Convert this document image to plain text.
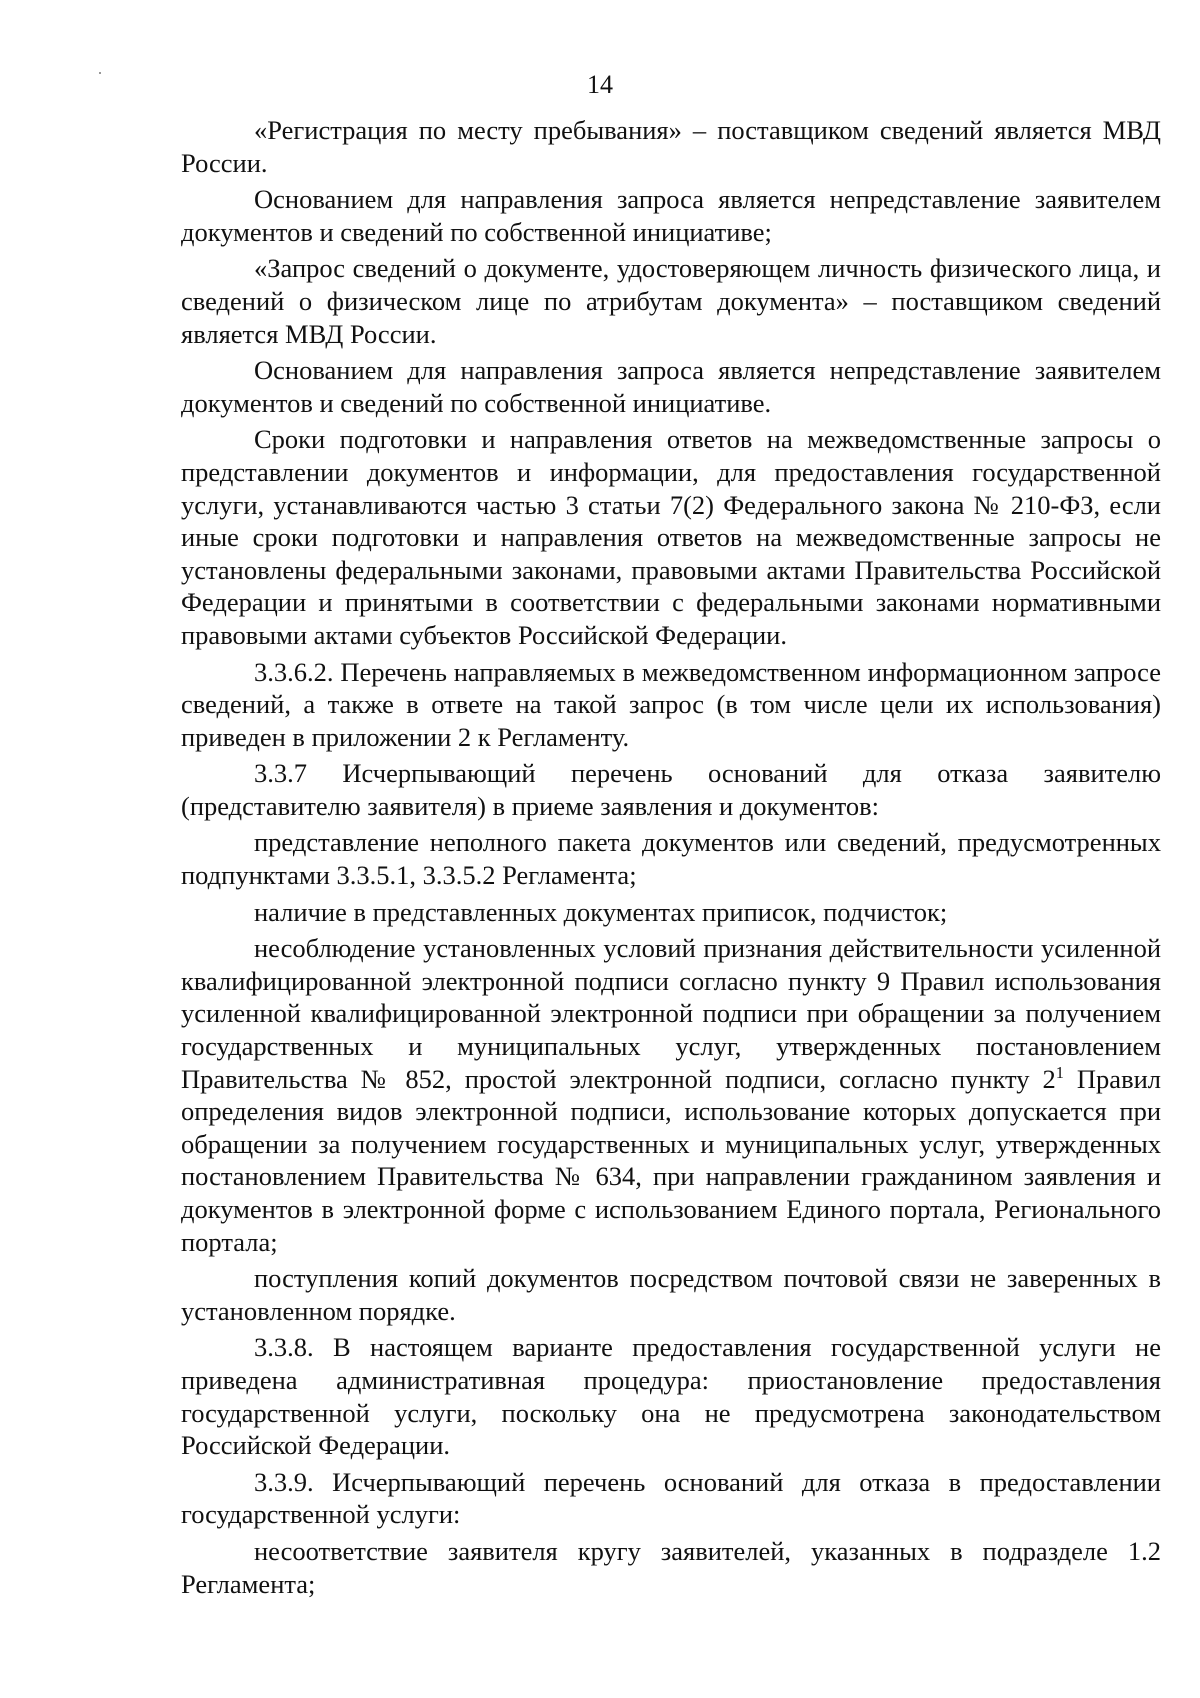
14

«Регистрация по месту пребывания» – поставщиком сведений является МВД России.

Основанием для направления запроса является непредставление заявителем документов и сведений по собственной инициативе;

«Запрос сведений о документе, удостоверяющем личность физического лица, и сведений о физическом лице по атрибутам документа» – поставщиком сведений является МВД России.

Основанием для направления запроса является непредставление заявителем документов и сведений по собственной инициативе.

Сроки подготовки и направления ответов на межведомственные запросы о представлении документов и информации, для предоставления государственной услуги, устанавливаются частью 3 статьи 7(2) Федерального закона № 210-ФЗ, если иные сроки подготовки и направления ответов на межведомственные запросы не установлены федеральными законами, правовыми актами Правительства Российской Федерации и принятыми в соответствии с федеральными законами нормативными правовыми актами субъектов Российской Федерации.

3.3.6.2. Перечень направляемых в межведомственном информационном запросе сведений, а также в ответе на такой запрос (в том числе цели их использования) приведен в приложении 2 к Регламенту.

3.3.7 Исчерпывающий перечень оснований для отказа заявителю (представителю заявителя) в приеме заявления и документов:

представление неполного пакета документов или сведений, предусмотренных подпунктами 3.3.5.1, 3.3.5.2 Регламента;

наличие в представленных документах приписок, подчисток;

несоблюдение установленных условий признания действительности усиленной квалифицированной электронной подписи согласно пункту 9 Правил использования усиленной квалифицированной электронной подписи при обращении за получением государственных и муниципальных услуг, утвержденных постановлением Правительства № 852, простой электронной подписи, согласно пункту $2^1$ Правил определения видов электронной подписи, использование которых допускается при обращении за получением государственных и муниципальных услуг, утвержденных постановлением Правительства № 634, при направлении гражданином заявления и документов в электронной форме с использованием Единого портала, Регионального портала;

поступления копий документов посредством почтовой связи не заверенных в установленном порядке.

3.3.8. В настоящем варианте предоставления государственной услуги не приведена административная процедура: приостановление предоставления государственной услуги, поскольку она не предусмотрена законодательством Российской Федерации.

3.3.9. Исчерпывающий перечень оснований для отказа в предоставлении государственной услуги:

несоответствие заявителя кругу заявителей, указанных в подразделе 1.2 Регламента;
